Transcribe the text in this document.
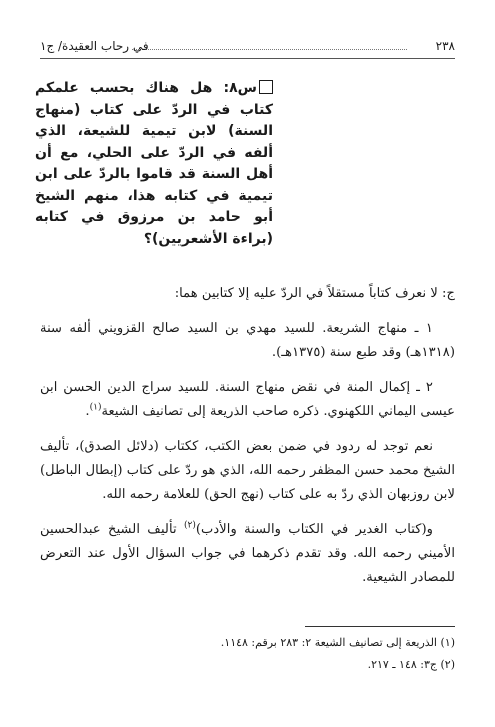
٢٣٨
في رحاب العقيدة/ ج١
س٨: هل هناك بحسب علمكم كتاب في الردّ على كتاب (منهاج السنة) لابن تيمية للشيعة، الذي ألفه في الردّ على الحلي، مع أن أهل السنة قد قاموا بالردّ على ابن تيمية في كتابه هذا، منهم الشيخ أبو حامد بن مرزوق في كتابه (براءة الأشعريين)؟

ج: لا نعرف كتاباً مستقلاً في الردّ عليه إلا كتابين هما:

١ ـ منهاج الشريعة. للسيد مهدي بن السيد صالح القزويني ألفه سنة (١٣١٨هـ) وقد طبع سنة (١٣٧٥هـ).

٢ ـ إكمال المنة في نقض منهاج السنة. للسيد سراج الدين الحسن ابن عيسى اليماني اللكهنوي. ذكره صاحب الذريعة إلى تصانيف الشيعة$^{(١)}$.

نعم توجد له ردود في ضمن بعض الكتب، ككتاب (دلائل الصدق)، تأليف الشيخ محمد حسن المظفر رحمه الله، الذي هو ردّ على كتاب (إبطال الباطل) لابن روزبهان الذي ردّ به على كتاب (نهج الحق) للعلامة رحمه الله.

و(كتاب الغدير في الكتاب والسنة والأدب)$^{(٢)}$ تأليف الشيخ عبدالحسين الأميني رحمه الله. وقد تقدم ذكرهما في جواب السؤال الأول عند التعرض للمصادر الشيعية.

(١) الذريعة إلى تصانيف الشيعة ٢: ٢٨٣ برقم: ١١٤٨.

(٢) ج٣: ١٤٨ ـ ٢١٧.
